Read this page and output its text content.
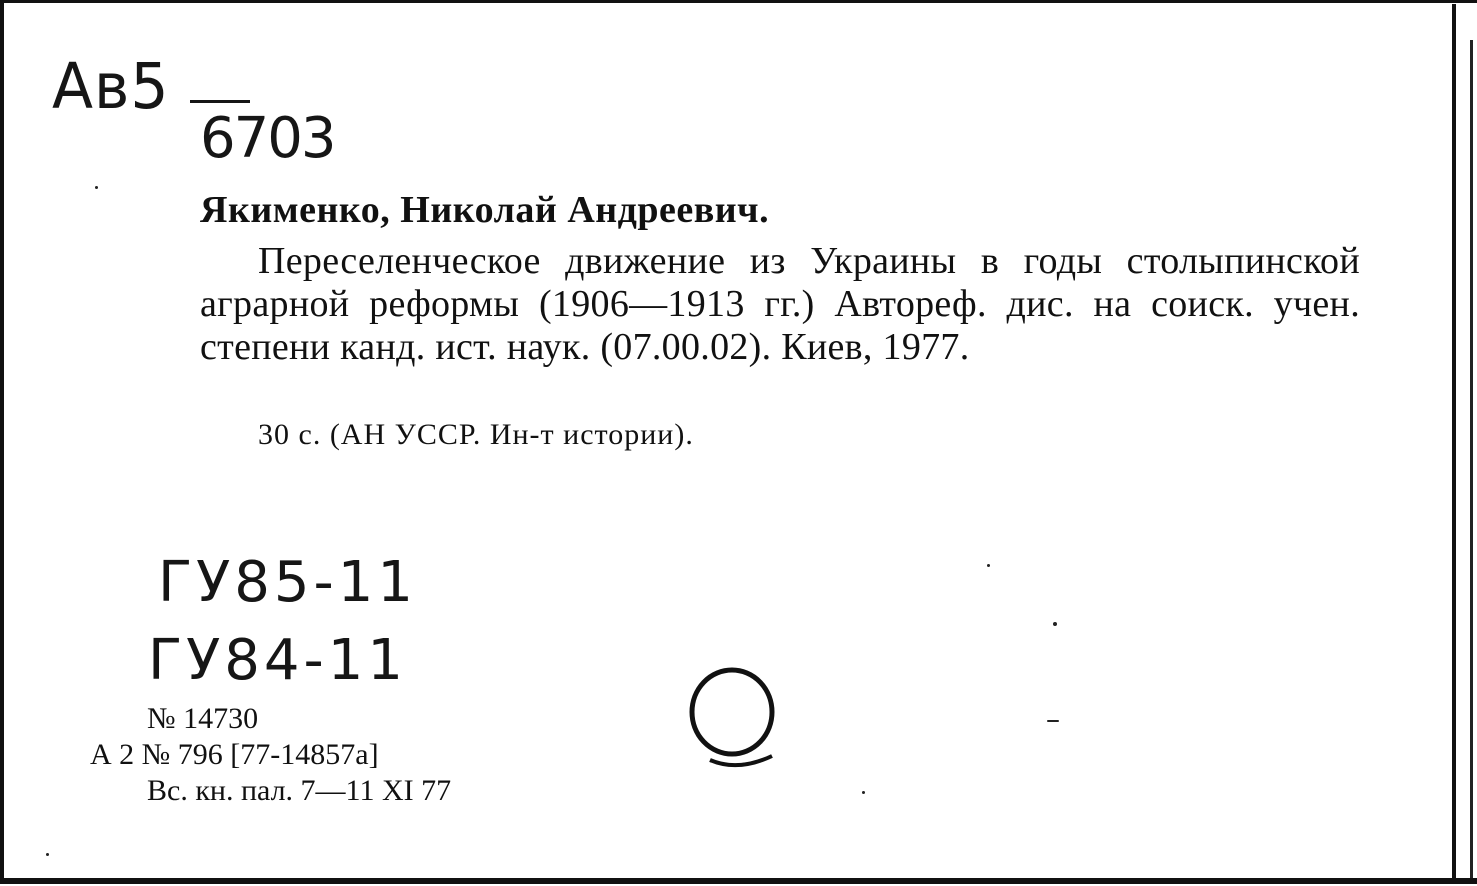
Ав5
6703
Якименко, Николай Андреевич.
Переселенческое движение из Украины в годы столыпинской аграрной реформы (1906—1913 гг.) Автореф. дис. на соиск. учен. степени канд. ист. наук. (07.00.02). Киев, 1977.
30 с. (АН УССР. Ин-т истории).
ГУ85-11
ГУ84-11
№ 14730
А 2 № 796 [77-14857а]
Вс. кн. пал. 7—11 XI 77
